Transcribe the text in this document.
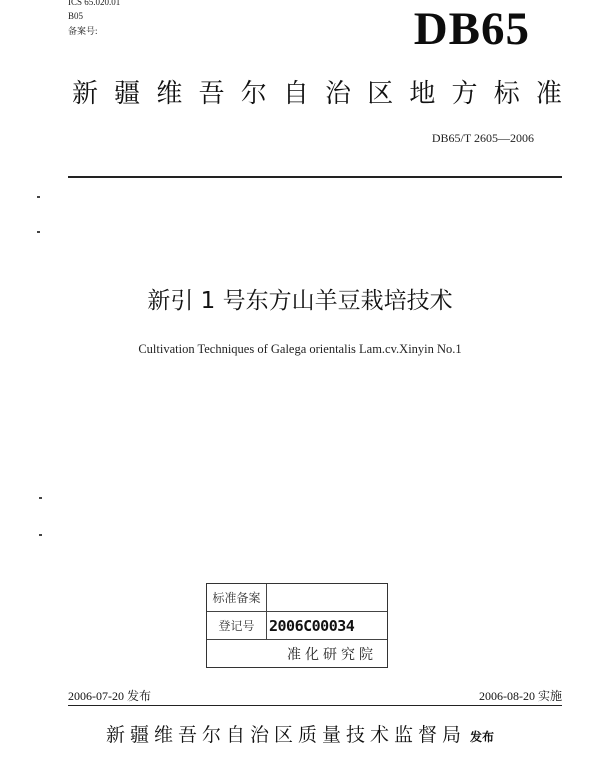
ICS 65.020.01
B05
备案号:	DB65
新 疆 维 吾 尔 自 治 区 地 方 标 准
DB65/T 2605—2006
新引 1 号东方山羊豆栽培技术
Cultivation Techniques of Galega orientalis Lam.cv.Xinyin No.1
标准备案
登记号 2006C00034
准化研究院
2006-07-20 发布	2006-08-20 实施
新疆维吾尔自治区质量技术监督局 发布
